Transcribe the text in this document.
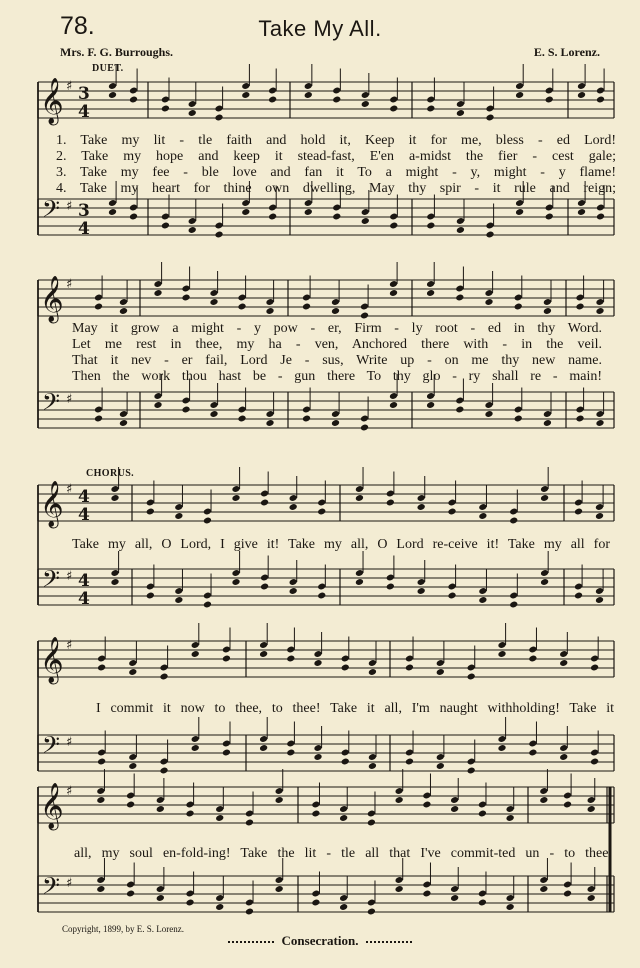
78.	Take My All.
Mrs. F. G. Burroughs.	E. S. Lorenz.
DUET.
CHORUS.
𝄞
𝄢
♯
♯
3
4
3
4
𝄞
𝄢
♯
♯
𝄞
𝄢
♯
♯
4
4
4
4
𝄞
𝄢
♯
♯
𝄞
𝄢
♯
♯
1. Take my lit - tle faith and hold it, Keep it for me, bless - ed Lord!
2. Take my hope and keep it stead-fast, E'en a-midst the fier - cest gale;
3. Take my fee - ble love and fan it To a might - y, might - y flame!
4. Take my heart for thine own dwelling, May thy spir - it rule and reign;
May it grow a might - y pow - er, Firm - ly root - ed in thy Word.
Let me rest in thee, my ha - ven, Anchored there with - in the veil.
That it nev - er fail, Lord Je - sus, Write up - on me thy new name.
Then the work thou hast be - gun there To thy glo - ry shall re - main!
Take my all, O Lord, I give it! Take my all, O Lord re-ceive it! Take my all for
I commit it now to thee, to thee! Take it all, I'm naught withholding! Take it
all, my soul en-fold-ing! Take the lit - tle all that I've commit-ted un - to thee.
Copyright, 1899, by E. S. Lorenz.
Consecration.
